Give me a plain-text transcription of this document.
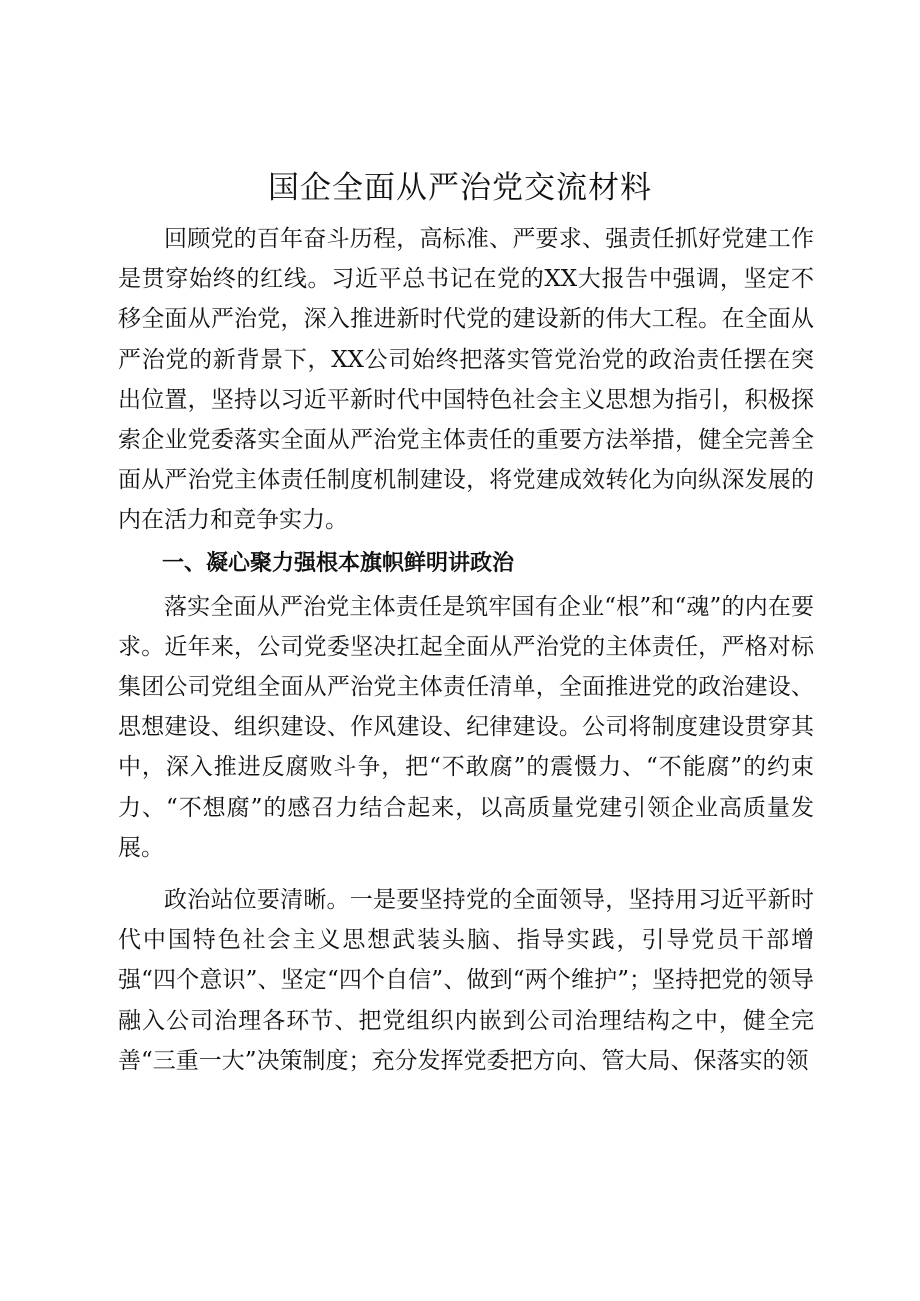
国企全面从严治党交流材料

回顾党的百年奋斗历程，高标准、严要求、强责任抓好党建工作是贯穿始终的红线。习近平总书记在党的XX大报告中强调，坚定不移全面从严治党，深入推进新时代党的建设新的伟大工程。在全面从严治党的新背景下，XX公司始终把落实管党治党的政治责任摆在突出位置，坚持以习近平新时代中国特色社会主义思想为指引，积极探索企业党委落实全面从严治党主体责任的重要方法举措，健全完善全面从严治党主体责任制度机制建设，将党建成效转化为向纵深发展的内在活力和竞争实力。

一、凝心聚力强根本旗帜鲜明讲政治

落实全面从严治党主体责任是筑牢国有企业“根”和“魂”的内在要求。近年来，公司党委坚决扛起全面从严治党的主体责任，严格对标集团公司党组全面从严治党主体责任清单，全面推进党的政治建设、思想建设、组织建设、作风建设、纪律建设。公司将制度建设贯穿其中，深入推进反腐败斗争，把“不敢腐”的震慑力、“不能腐”的约束力、“不想腐”的感召力结合起来，以高质量党建引领企业高质量发展。

政治站位要清晰。一是要坚持党的全面领导，坚持用习近平新时代中国特色社会主义思想武装头脑、指导实践，引导党员干部增强“四个意识”、坚定“四个自信”、做到“两个维护”；坚持把党的领导融入公司治理各环节、把党组织内嵌到公司治理结构之中，健全完善“三重一大”决策制度；充分发挥党委把方向、管大局、保落实的领
